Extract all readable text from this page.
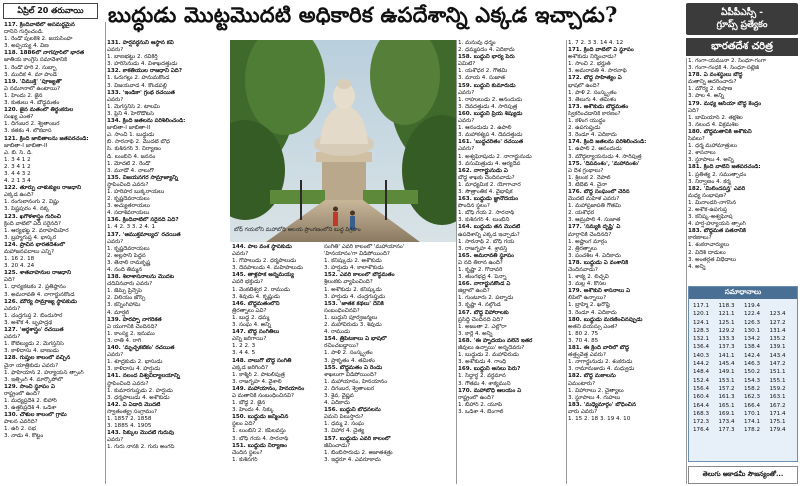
ఏప్రిల్ 20 తరువాయి	బుద్ధుడు మొట్టమొదటి అధికారిక ఉపదేశాన్ని ఎక్కడ ఇచ్చాడు?	ఏపీపీఎస్సీ -
గ్రూప్స్ ప్రత్యేకం
భారతదేశ చరిత్ర
117. క్రిందివాటిలో అసమర్థమైన
దానిని గుర్తించండి.
1. రెండో పులకేశి 2. జయసింహ
3. అప్పయ్య 4. వీణ
118. 1886లో నాగపూర్‌లో భారత
జాతీయ కాంగ్రెస్ సమావేశానికి
1. రెండో హరి 2. సుబ్బా
3. ముదిక 4. మా పాండే
119. 'విముక్తి' 'పూజ్యతో'
ఏ నమూనాలో ఉంటాయి?
1. హిందు 2. జైన
3. కుతులు 4. బౌద్ధమతం
120. జైన మతంలో తీర్థంకరుల
సంఖ్య ఎంత?
1. దిగంబర 2. శ్వేతాంబర
3. కతకం 4. లోకబాస
121. క్రింది జాబితాలను జతపరచండి:
జాబితా-I జాబితా-II
ఎ. బి. సి. డి.
1. 3 4 1 2
2. 3 4 1 2
3. 4 4 3 2
4. 2 1 3 4
122. తూర్పు చాళుక్యుల రాజధాని
ఎక్కడ ఉంది?
1. రంగులానంగు 2. విష్ణు
3. పిష్టపురం 4. నక్క
123. ఖగోళశాస్త్రం గురించి
క్రింది వాటిలో ఏది సరైనది?
1. ఆర్యభట్ట 2. వరాహమిహిర
3. బ్రహ్మగుప్త 4. భాస్కర
124. ప్రాచీన భారతదేశంలో
మహాజనపదాలు ఎన్ని?
1. 16 2. 18
3. 20 4. 24
125. శాతవాహనుల రాజధాని
ఏది?
1. ధాన్యకటకం 2. ప్రతిష్ఠానం
3. అమరావతి 4. నాగార్జునకొండ
126. మౌర్య సామ్రాజ్య స్థాపకుడు
ఎవరు?
1. చంద్రగుప్త 2. బిందుసార
3. అశోక 4. బృహద్రథ
127. 'అర్థశాస్త్రం' రచయిత
ఎవరు?
1. కౌటిల్యుడు 2. మెగస్తనీస్
3. కాళిదాసు 4. బాణుడు
128. గుప్తుల కాలంలో వచ్చిన
చైనా యాత్రికుడు ఎవరు?
1. ఫాహియాన్ 2. హ్యూయన్ త్సాంగ్
3. ఇత్సింగ్ 4. మార్కోపోలో
129. సాంచీ స్థూపం ఏ
రాష్ట్రంలో ఉంది?
1. మధ్యప్రదేశ్ 2. బీహార్
3. ఉత్తర్‌ప్రదేశ్ 4. ఒడిశా
130. చోళుల కాలంలో గ్రామ
పాలన ఎవరిది?
1. ఉర్ 2. సభ
3. నాడు 4. కొట్టం
131. హర్షవర్ధనుని ఆస్థాన కవి
ఎవరు?
1. బాణభట్టు 2. రవికీర్తి
3. హరిసేనుడు 4. విశాఖదత్తుడు
132. కాకతీయుల రాజధాని ఏది?
1. ఓరుగల్లు 2. హనుమకొండ
3. విజయవాడ 4. కొండపల్లి
133. 'ఇండికా' గ్రంథ రచయిత
ఎవరు?
1. మెగస్తనీస్ 2. టాలమీ
3. ప్లినీ 4. హెరొడోటస్
134. క్రింది జతలను పరిశీలించండి:
జాబితా-I జాబితా-II
ఎ. సాంచీ 1. బుద్ధుడు
బి. సారనాథ్ 2. మొదటి బోధ
సి. కుశీనగర్ 3. నిర్యాణం
డి. లుంబిని 4. జననం
1. మోదటి 2. రెండో
3. మూడో 4. నాలుగో
135. విజయనగర సామ్రాజ్యాన్ని
స్థాపించింది ఎవరు?
1. హరిహర బుక్కరాయలు
2. కృష్ణదేవరాయలు
3. అచ్యుతరాయలు
4. సదాశివరాయలు
136. క్రిందివాటిలో సరైనది ఏది?
1. 4 2. 3 3. 2 4. 1
137. 'ఆముక్తమాల్యద' రచయిత
ఎవరు?
1. కృష్ణదేవరాయలు
2. అల్లసాని పెద్దన
3. తెనాలి రామకృష్ణ
4. నంది తిమ్మన
138. శిలాశాసనాలను మొదట
చదివినవారు ఎవరు?
1. జేమ్స్ ప్రిన్సెప్
2. విలియం జోన్స్
3. కన్నింగ్‌హామ్
4. మార్షల్
139. హరప్పా నాగరికత
ఏ యుగానికి చెందినది?
1. కాంస్య 2. ఇనుము
3. రాతి 4. రాగి
140. 'మృచ్ఛకటికం' రచయిత
ఎవరు?
1. శూద్రకుడు 2. భాసుడు
3. కాళిదాసు 4. హర్షుడు
141. నలంద విశ్వవిద్యాలయాన్ని
స్థాపించింది ఎవరు?
1. కుమారగుప్తుడు 2. హర్షుడు
3. ధర్మపాలుడు 4. అశోకుడు
142. ఏ ఏడాది మొదటి
స్వాతంత్య్ర సంగ్రామం?
1. 1857 2. 1858
3. 1885 4. 1905
143. సిక్కుల మొదటి గురువు
ఎవరు?
1. గురు నానక్ 2. గురు అంగద్
బోధ్ గయలోని మహాబోధి ఆలయ ప్రాంగణంలోని బుద్ధ విగ్రహం
144. పాల వంశ స్థాపకుడు
ఎవరు?
1. గోపాలుడు 2. ధర్మపాలుడు
3. దేవపాలుడు 4. మహీపాలుడు
145. తాళ్లపాక అన్నమయ్య
ఎవరి భక్తుడు?
1. వేంకటేశ్వర 2. రాముడు
3. శివుడు 4. కృష్ణుడు
146. బౌద్ధమతంలోని
త్రిరత్నాలు ఏవి?
1. బుద్ధ 2. ధమ్మ
3. సంఘ 4. అన్నీ
147. బౌద్ధ సంగీతిలు
ఎన్ని జరిగాయి?
1. 2 2. 3
3. 4 4. 5
148. నాలుగో బౌద్ధ సంగీతి
ఎక్కడ జరిగింది?
1. కాశ్మీర్ 2. పాటలీపుత్ర
3. రాజగృహ 4. వైశాలి
149. మహాయానం, హీనయానం
ఏ మతానికి సంబంధించినవి?
1. బౌద్ధ 2. జైన
3. హిందు 4. సిక్కు
150. బుద్ధుడు జన్మించిన
స్థలం ఏది?
1. లుంబిని 2. కపిలవస్తు
3. బోధ్ గయ 4. సారనాథ్
151. బుద్ధుడు నిర్యాణం
చెందిన స్థలం?
1. కుశీనగర్
సంగీతి' ఎవరి కాలంలో 'మహాయానం'
'హీనయానం'గా విడిపోయింది?
1. కనిష్కుడు 2. అశోకుడు
3. హర్షుడు 4. కాలాశోకుడు
152. ఎవరి కాలంలో బౌద్ధమతం
శ్రీలంకకు వ్యాపించింది?
1. అశోకుడు 2. కనిష్కుడు
3. హర్షుడు 4. చంద్రగుప్తుడు
153. 'జాతక కథలు' దేనికి
సంబంధించినవి?
1. బుద్ధుని పూర్వజన్మలు
2. మహావీరుడు 3. శివుడు
4. రాముడు
154. త్రిపిటకాలు ఏ భాషలో
రచించబడ్డాయి?
1. పాళీ 2. సంస్కృతం
3. ప్రాకృతం 4. తమిళం
155. బౌద్ధమతం ఏ రెండు
శాఖలుగా విడిపోయింది?
1. మహాయానం, హీనయానం
2. దిగంబర, శ్వేతాంబర
3. శైవ, వైష్ణవ
4. ఏదీకాదు
156. బుద్ధుని బోధనలను
ఏమని పిలుస్తారు?
1. ధమ్మ 2. సంఘ
3. విహార 4. చైత్య
157. బుద్ధుడు ఎవరి కాలంలో
జీవించాడు?
1. బింబిసారుడు 2. అజాతశత్రు
3. ఇద్దరూ 4. ఎవరూకాదు
1. మనువు ధర్మం
2. ధమ్మపదం 4. ఏదీకాదు
158. బుద్ధుని భార్య పేరు
ఏమిటి?
1. యశోధర 2. గౌతమి
3. మాయ 4. సుజాత
159. బుద్ధుని కుమారుడు
ఎవరు?
1. రాహులుడు 2. ఆనందుడు
3. దేవదత్తుడు 4. సారిపుత్ర
160. బుద్ధుని ప్రియ శిష్యుడు
ఎవరు?
1. ఆనందుడు 2. ఉపాలి
3. మహాకశ్యప 4. దేవదత్తుడు
161. 'బుద్ధచరితం' రచయిత
ఎవరు?
1. అశ్వఘోషుడు 2. నాగార్జునుడు
3. వసుమిత్రుడు 4. ఆర్యదేవ
162. నాగార్జునుడు ఏ
బౌద్ధ శాఖకు చెందినవాడు?
1. మాధ్యమిక 2. యోగాచార
3. సౌత్రాంతిక 4. వైభాషిక
163. బుద్ధుడు జ్ఞానోదయం
పొందిన స్థలం?
1. బోధ్ గయ 2. సారనాథ్
3. కుశీనగర్ 4. లుంబిని
164. బుద్ధుడు తన మొదటి
ఉపదేశాన్ని ఎక్కడ ఇచ్చాడు?
1. సారనాథ్ 2. బోధ్ గయ
3. రాజగృహ 4. శ్రావస్తి
165. అమరావతి స్థూపం
ఏ నది తీరాన ఉంది?
1. కృష్ణా 2. గోదావరి
3. తుంగభద్ర 4. పెన్నా
166. నాగార్జునకొండ ఏ
జిల్లాలో ఉంది?
1. గుంటూరు 2. పల్నాడు
3. కృష్ణా 4. నల్గొండ
167. బౌద్ధ విహారాలకు
ప్రసిద్ధి చెందినది ఏది?
1. అజంతా 2. ఎల్లోరా
3. కార్లే 4. అన్నీ
168. 'ఈ హృదయం వలెనే ఇతర
జీవులు ఉన్నాయి' అన్నదెవరు?
1. బుద్ధుడు 2. మహావీరుడు
3. అశోకుడు 4. గాంధీ
169. బుద్ధుని అసలు పేరు?
1. సిద్ధార్థ 2. వర్ధమాన
3. గౌతమ 4. శాక్యముని
170. మహాబోధి ఆలయం ఏ
రాష్ట్రంలో ఉంది?
1. బీహార్ 2. యూపీ
3. ఒడిశా 4. బెంగాల్
1. 7 2. 3 3. 14 4. 12
171. క్రింది వాటిలో ఏ స్థూపం
అశోకుడు నిర్మించాడు?
1. సాంచీ 2. భర్హుత్
3. అమరావతి 4. సారనాథ్
172. బౌద్ధ సాహిత్యం ఏ
భాషలో ఉంది?
1. పాళీ 2. సంస్కృతం
3. తెలుగు 4. తమిళం
173. అశోకుడు బౌద్ధమతం
స్వీకరించడానికి కారణం?
1. కళింగ యుద్ధం
2. ఉపగుప్తుడు
3. రెండూ 4. ఏదీకాదు
174. క్రింది జతలను పరిశీలించండి:
1. ఉపాలి 2. ఆనందుడు
3. మౌద్గల్యాయనుడు 4. సారిపుత్ర
175. 'దీపవంశం', 'మహావంశం'
ఏ దేశ గ్రంథాలు?
1. శ్రీలంక 2. నేపాల్
3. టిబెట్ 4. చైనా
176. బౌద్ధ సంఘంలో చేరిన
మొదటి మహిళ ఎవరు?
1. మహాప్రజాపతి గౌతమి
2. యశోధర
3. ఆమ్రపాలి 4. సుజాత
177. 'సమ్యక్ దృష్టి' ఏ
మార్గానికి చెందినది?
1. అష్టాంగ మార్గం
2. త్రిరత్నాలు
3. పంచశీల 4. ఏదీకాదు
178. బుద్ధుడు ఏ వంశానికి
చెందినవాడు?
1. శాక్య 2. లిచ్ఛవి
3. మల్ల 4. కోసల
179. అశోకుని శాసనాలు ఏ
లిపిలో ఉన్నాయి?
1. బ్రాహ్మి 2. ఖరోష్ఠి
3. రెండూ 4. ఏదీకాదు
180. బుద్ధుడు మరణించినప్పుడు
అతని వయస్సు ఎంత?
1. 80 2. 75
3. 70 4. 85
181. ఈ క్రింది వారిలో బౌద్ధ
తత్త్వవేత్త ఎవరు?
1. నాగార్జునుడు 2. శంకరుడు
3. రామానుజుడు 4. మధ్వుడు
182. బౌద్ధ మఠాలను
ఏమంటారు?
1. విహారాలు 2. చైత్యాలు
3. స్థూపాలు 4. గుహలు
183. 'మధ్యేమార్గం' బోధించిన
వారు ఎవరు?
1. 15 2. 18 3. 19 4. 10
1. గంగా-యమునా 2. సింధూ-గంగా
3. గంగా-గంధకి 4. సింధూ-సట్లెజ్
178. ఏ వంశస్థులు బౌద్ధ
మతాన్ని ఆదరించారు?
1. మౌర్య 2. కుషాణ
3. పాల 4. అన్నీ
179. మధ్య ఆసియా బౌద్ధ కేంద్రం
ఏది?
1. బామియాన్ 2. తక్షశిల
3. నలంద 4. విక్రమశిల
180. బౌద్ధమతానికి అశోకుని
సేవలు?
1. ధర్మ మహామాత్రులు
2. శాసనాలు
3. స్థూపాలు 4. అన్నీ
181. క్రింది వాటిని జతపరచండి:
1. ప్రతీత్య 2. సముత్పాదం
3. నిర్వాణం 4. కర్మ
182. 'మిలిందపన్హ' ఎవరి
మధ్య సంభాషణ?
1. మినాండర్-నాగసేన
2. అశోక-ఉపగుప్త
3. కనిష్క-అశ్వఘోష
4. హర్ష-హ్యూయన్ త్సాంగ్
183. బౌద్ధమత పతనానికి
కారణాలు?
1. శంకరాచార్యులు
2. విదేశీ దాడులు
3. అంతర్గత విభేదాలు
4. అన్నీ
సమాధానాలు
117.1	118.3	119.4
120.1	121.1	122.4	123.4
124.1	125.1	126.3	127.2
128.3	129.2	130.1	131.4
132.1	133.3	134.2	135.2
136.4	137.3	138.4	139.1
140.3	141.1	142.4	143.4
144.2	145.4	146.3	147.2
148.4	149.1	150.2	151.1
152.4	153.1	154.3	155.1
156.4	157.2	158.2	159.2
160.4	161.3	162.3	163.1
164.4	165.1	166.4	167.2
168.3	169.1	170.1	171.4
172.3	173.4	174.1	175.1
176.4	177.3	178.2	179.4
తెలుగు అకాడమీ సౌజన్యంతో...
